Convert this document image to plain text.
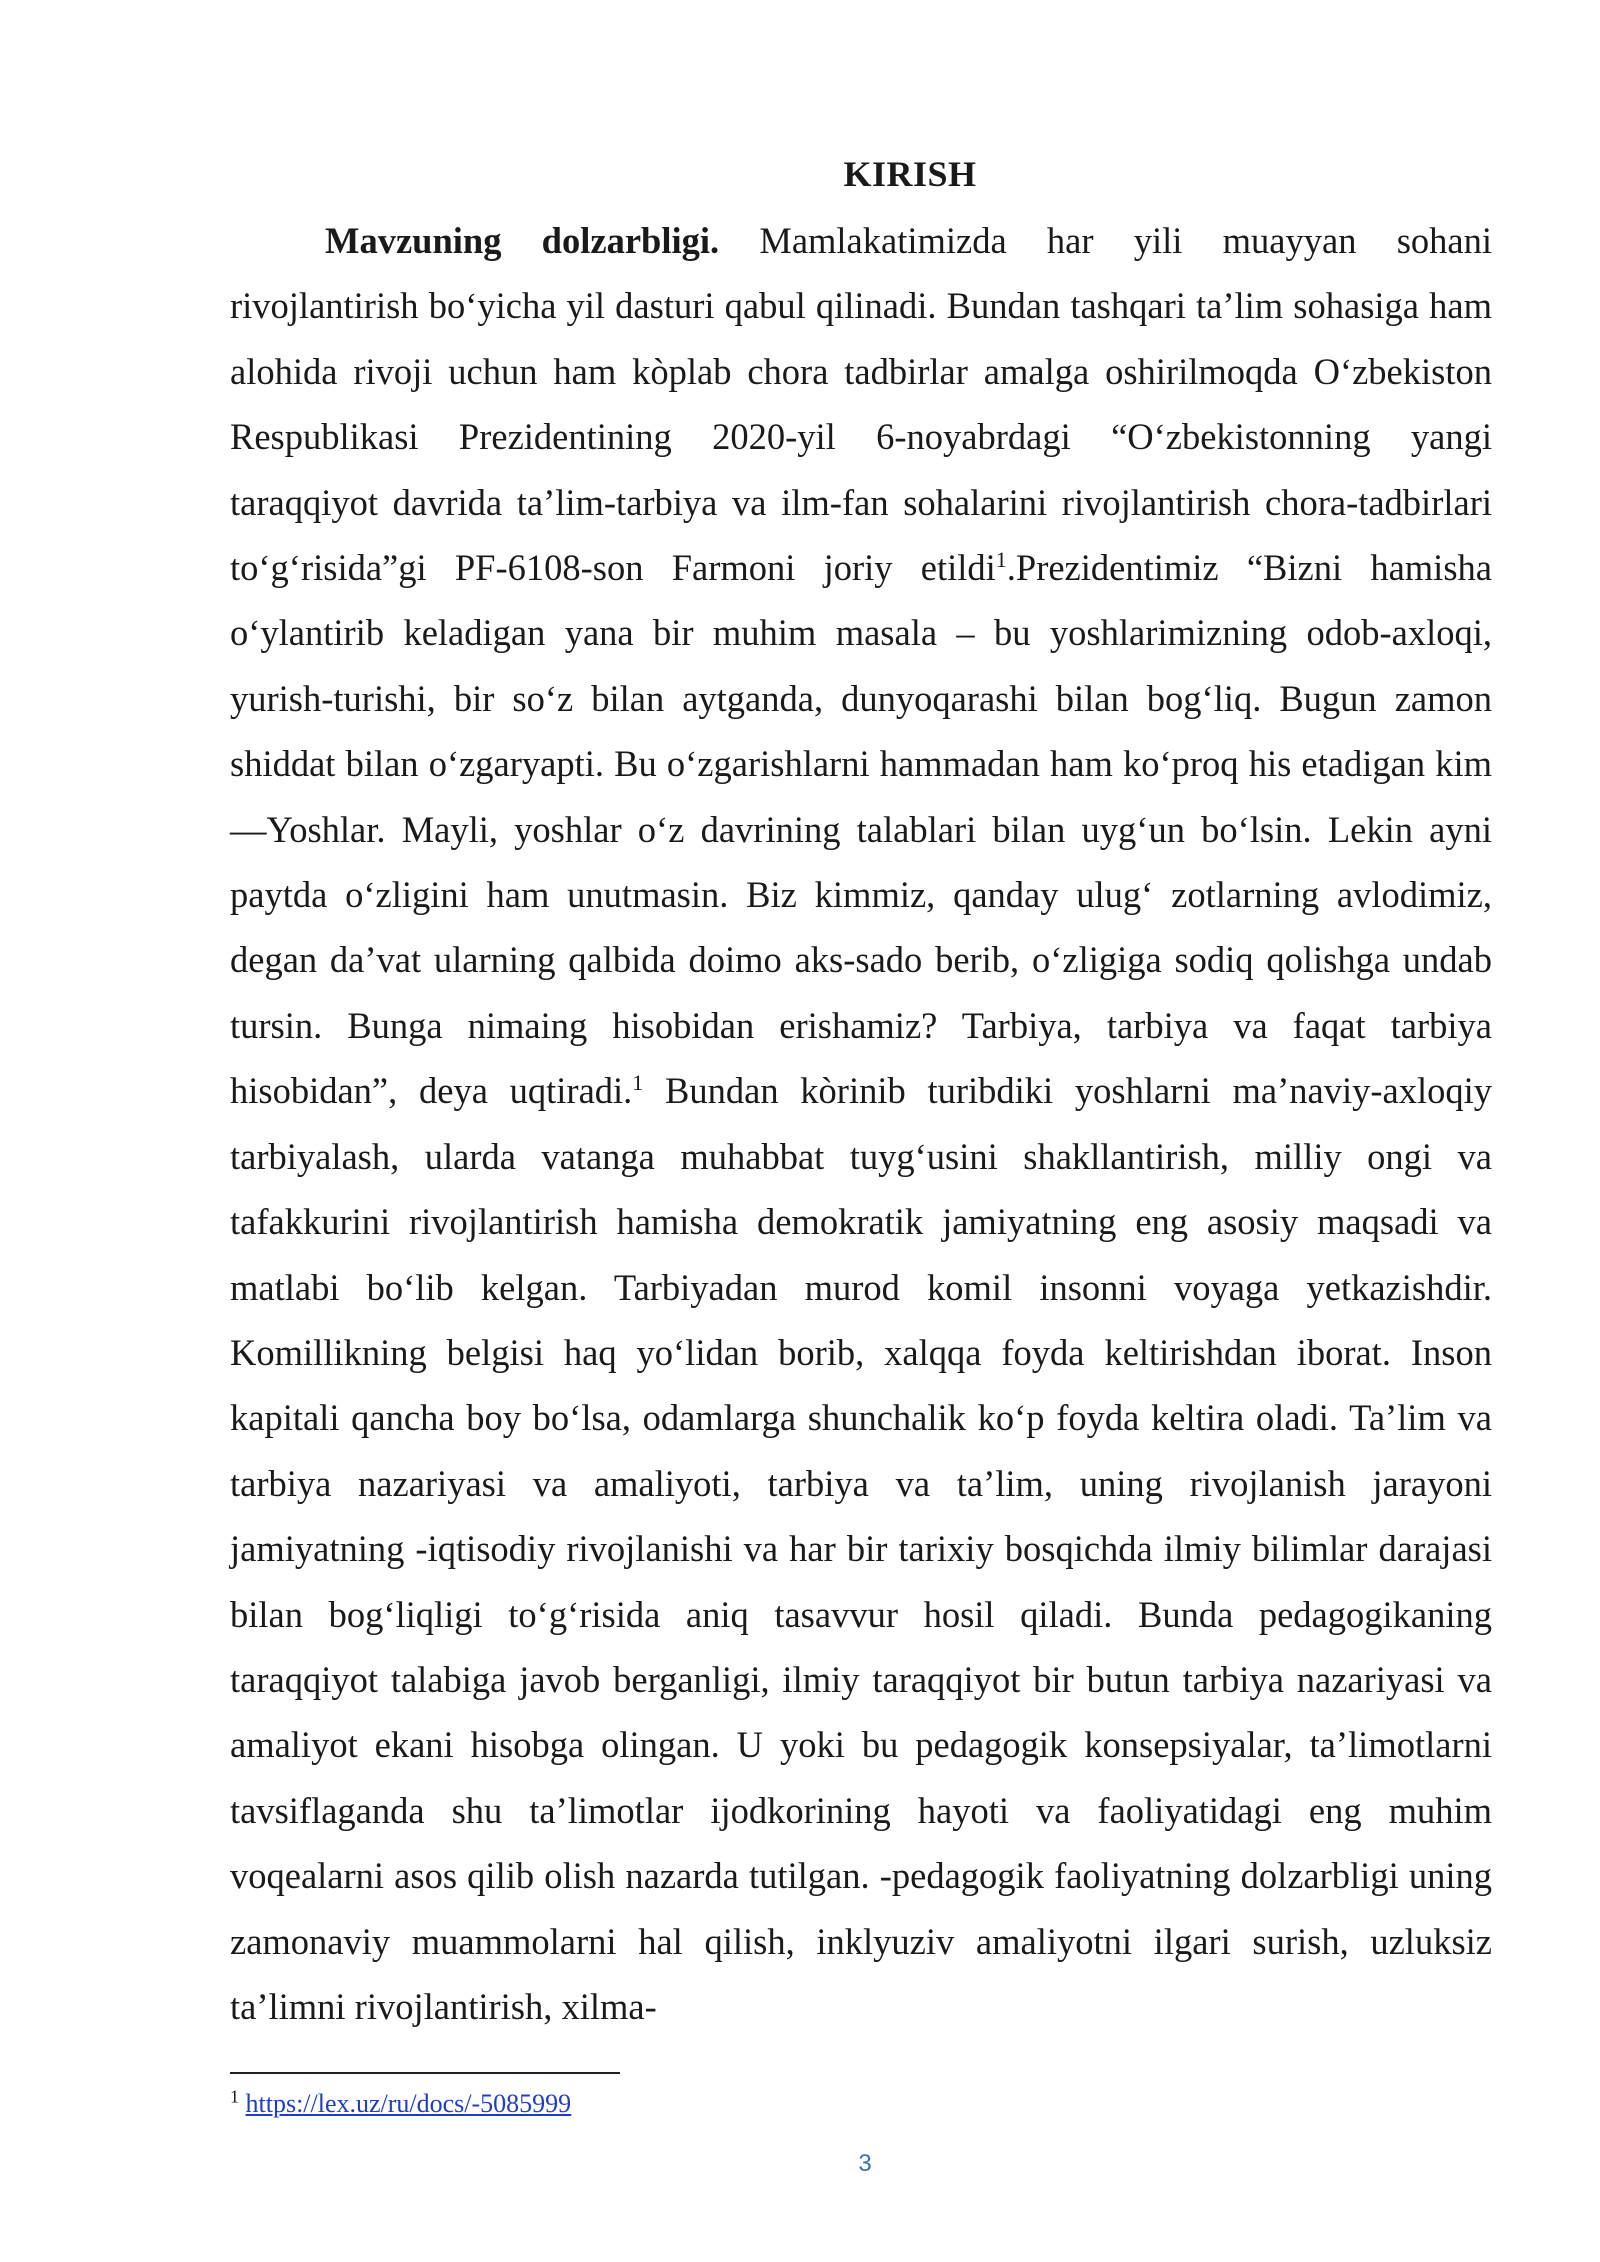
KIRISH

Mavzuning dolzarbligi. Mamlakatimizda har yili muayyan sohani rivojlantirish bo‘yicha yil dasturi qabul qilinadi. Bundan tashqari ta’lim sohasiga ham alohida rivoji uchun ham kòplab chora tadbirlar amalga oshirilmoqda O‘zbekiston Respublikasi Prezidentining 2020-yil 6-noyabrdagi “O‘zbekistonning yangi taraqqiyot davrida ta’lim-tarbiya va ilm-fan sohalarini rivojlantirish chora-tadbirlari to‘g‘risida”gi PF-6108-son Farmoni joriy etildi$^1$.Prezidentimiz “Bizni hamisha o‘ylantirib keladigan yana bir muhim masala – bu yoshlarimizning odob-axloqi, yurish-turishi, bir so‘z bilan aytganda, dunyoqarashi bilan bog‘liq. Bugun zamon shiddat bilan o‘zgaryapti. Bu o‘zgarishlarni hammadan ham ko‘proq his etadigan kim ―Yoshlar. Mayli, yoshlar o‘z davrining talablari bilan uyg‘un bo‘lsin. Lekin ayni paytda o‘zligini ham unutmasin. Biz kimmiz, qanday ulug‘ zotlarning avlodimiz, degan da’vat ularning qalbida doimo aks-sado berib, o‘zligiga sodiq qolishga undab tursin. Bunga nimaing hisobidan erishamiz? Tarbiya, tarbiya va faqat tarbiya hisobidan”, deya uqtiradi.$^1$ Bundan kòrinib turibdiki yoshlarni ma’naviy-axloqiy tarbiyalash, ularda vatanga muhabbat tuyg‘usini shakllantirish, milliy ongi va tafakkurini rivojlantirish hamisha demokratik jamiyatning eng asosiy maqsadi va matlabi bo‘lib kelgan. Tarbiyadan murod komil insonni voyaga yetkazishdir. Komillikning belgisi haq yo‘lidan borib, xalqqa foyda keltirishdan iborat. Inson kapitali qancha boy bo‘lsa, odamlarga shunchalik ko‘p foyda keltira oladi. Ta’lim va tarbiya nazariyasi va amaliyoti, tarbiya va ta’lim, uning rivojlanish jarayoni jamiyatning -iqtisodiy rivojlanishi va har bir tarixiy bosqichda ilmiy bilimlar darajasi bilan bog‘liqligi to‘g‘risida aniq tasavvur hosil qiladi. Bunda pedagogikaning taraqqiyot talabiga javob berganligi, ilmiy taraqqiyot bir butun tarbiya nazariyasi va amaliyot ekani hisobga olingan. U yoki bu pedagogik konsepsiyalar, ta’limotlarni tavsiflaganda shu ta’limotlar ijodkorining hayoti va faoliyatidagi eng muhim voqealarni asos qilib olish nazarda tutilgan. -pedagogik faoliyatning dolzarbligi uning zamonaviy muammolarni hal qilish, inklyuziv amaliyotni ilgari surish, uzluksiz ta’limni rivojlantirish, xilma-

$^1$ https://lex.uz/ru/docs/-5085999
3
